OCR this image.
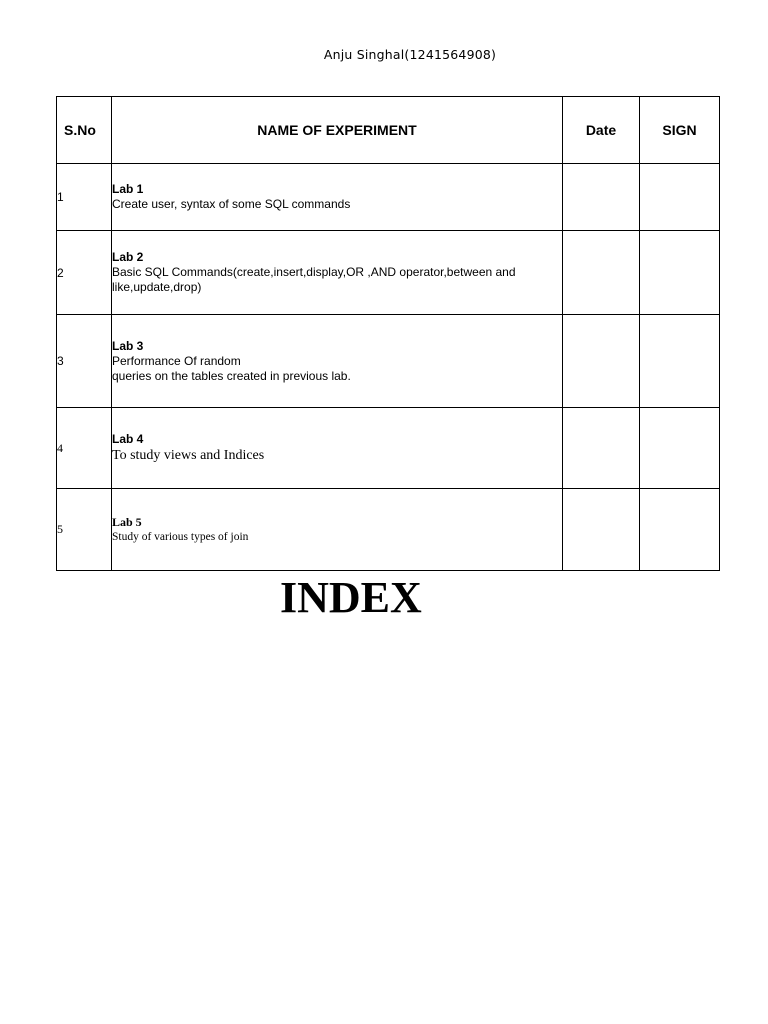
Anju Singhal(1241564908)
S.No	NAME OF EXPERIMENT	Date	SIGN
1	Lab 1
Create user, syntax of some SQL commands		

2	Lab 2
Basic SQL Commands(create,insert,display,OR ,AND operator,between and like,update,drop)		

3	Lab 3
Performance Of random
queries on the tables created in previous lab.		

4	Lab 4
To study views and Indices		

5	Lab 5
Study of various types of join		

INDEX
